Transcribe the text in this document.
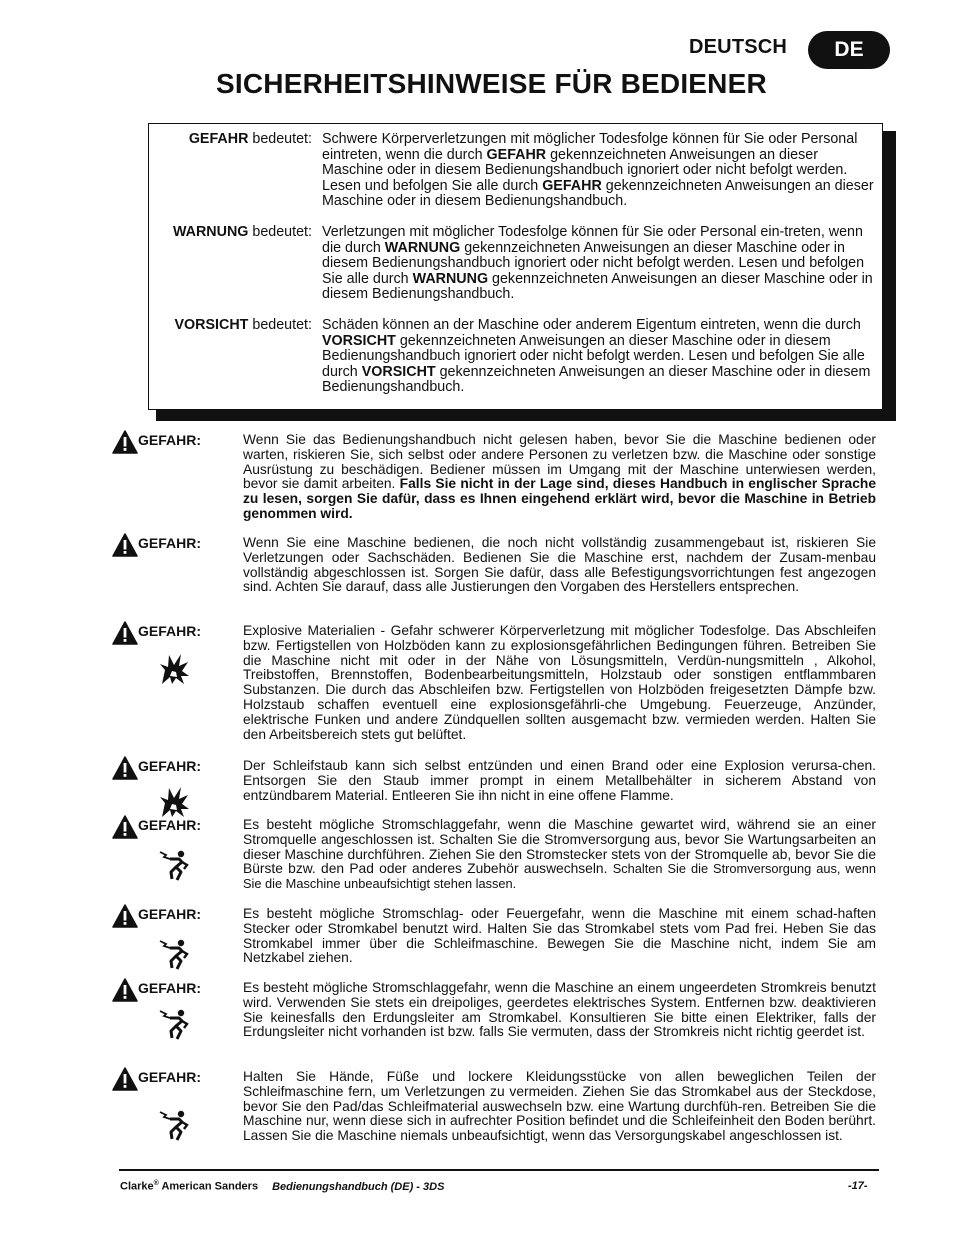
DEUTSCH	DE
SICHERHEITSHINWEISE FÜR BEDIENER
GEFAHR bedeutet: Schwere Körperverletzungen mit möglicher Todesfolge können für Sie oder Personal eintreten, wenn die durch GEFAHR gekennzeichneten Anweisungen an dieser Maschine oder in diesem Bedienungshandbuch ignoriert oder nicht befolgt werden. Lesen und befolgen Sie alle durch GEFAHR gekennzeichneten Anweisungen an dieser Maschine oder in diesem Bedienungshandbuch.
WARNUNG bedeutet: Verletzungen mit möglicher Todesfolge können für Sie oder Personal ein-treten, wenn die durch WARNUNG gekennzeichneten Anweisungen an dieser Maschine oder in diesem Bedienungshandbuch ignoriert oder nicht befolgt werden. Lesen und befolgen Sie alle durch WARNUNG gekennzeichneten Anweisungen an dieser Maschine oder in diesem Bedienungshandbuch.
VORSICHT bedeutet: Schäden können an der Maschine oder anderem Eigentum eintreten, wenn die durch VORSICHT gekennzeichneten Anweisungen an dieser Maschine oder in diesem Bedienungshandbuch ignoriert oder nicht befolgt werden. Lesen und befolgen Sie alle durch VORSICHT gekennzeichneten Anweisungen an dieser Maschine oder in diesem Bedienungshandbuch.
GEFAHR:	Wenn Sie das Bedienungshandbuch nicht gelesen haben, bevor Sie die Maschine bedienen oder warten, riskieren Sie, sich selbst oder andere Personen zu verletzen bzw. die Maschine oder sonstige Ausrüstung zu beschädigen. Bediener müssen im Umgang mit der Maschine unterwiesen werden, bevor sie damit arbeiten. Falls Sie nicht in der Lage sind, dieses Handbuch in englischer Sprache zu lesen, sorgen Sie dafür, dass es Ihnen eingehend erklärt wird, bevor die Maschine in Betrieb genommen wird.
GEFAHR:	Wenn Sie eine Maschine bedienen, die noch nicht vollständig zusammengebaut ist, riskieren Sie Verletzungen oder Sachschäden. Bedienen Sie die Maschine erst, nachdem der Zusam-menbau vollständig abgeschlossen ist. Sorgen Sie dafür, dass alle Befestigungsvorrichtungen fest angezogen sind. Achten Sie darauf, dass alle Justierungen den Vorgaben des Herstellers entsprechen.
GEFAHR:	Explosive Materialien - Gefahr schwerer Körperverletzung mit möglicher Todesfolge. Das Abschleifen bzw. Fertigstellen von Holzböden kann zu explosionsgefährlichen Bedingungen führen. Betreiben Sie die Maschine nicht mit oder in der Nähe von Lösungsmitteln, Verdün-nungsmitteln , Alkohol, Treibstoffen, Brennstoffen, Bodenbearbeitungsmitteln, Holzstaub oder sonstigen entflammbaren Substanzen. Die durch das Abschleifen bzw. Fertigstellen von Holzböden freigesetzten Dämpfe bzw. Holzstaub schaffen eventuell eine explosionsgefährli-che Umgebung. Feuerzeuge, Anzünder, elektrische Funken und andere Zündquellen sollten ausgemacht bzw. vermieden werden. Halten Sie den Arbeitsbereich stets gut belüftet.
GEFAHR:	Der Schleifstaub kann sich selbst entzünden und einen Brand oder eine Explosion verursa-chen. Entsorgen Sie den Staub immer prompt in einem Metallbehälter in sicherem Abstand von entzündbarem Material. Entleeren Sie ihn nicht in eine offene Flamme.
GEFAHR:	Es besteht mögliche Stromschlaggefahr, wenn die Maschine gewartet wird, während sie an einer Stromquelle angeschlossen ist. Schalten Sie die Stromversorgung aus, bevor Sie Wartungsarbeiten an dieser Maschine durchführen. Ziehen Sie den Stromstecker stets von der Stromquelle ab, bevor Sie die Bürste bzw. den Pad oder anderes Zubehör auswechseln. Schalten Sie die Stromversorgung aus, wenn Sie die Maschine unbeaufsichtigt stehen lassen.
GEFAHR:	Es besteht mögliche Stromschlag- oder Feuergefahr, wenn die Maschine mit einem schad-haften Stecker oder Stromkabel benutzt wird. Halten Sie das Stromkabel stets vom Pad frei. Heben Sie das Stromkabel immer über die Schleifmaschine. Bewegen Sie die Maschine nicht, indem Sie am Netzkabel ziehen.
GEFAHR:	Es besteht mögliche Stromschlaggefahr, wenn die Maschine an einem ungeerdeten Stromkreis benutzt wird. Verwenden Sie stets ein dreipoliges, geerdetes elektrisches System. Entfernen bzw. deaktivieren Sie keinesfalls den Erdungsleiter am Stromkabel. Konsultieren Sie bitte einen Elektriker, falls der Erdungsleiter nicht vorhanden ist bzw. falls Sie vermuten, dass der Stromkreis nicht richtig geerdet ist.
GEFAHR:	Halten Sie Hände, Füße und lockere Kleidungsstücke von allen beweglichen Teilen der Schleifmaschine fern, um Verletzungen zu vermeiden. Ziehen Sie das Stromkabel aus der Steckdose, bevor Sie den Pad/das Schleifmaterial auswechseln bzw. eine Wartung durchfüh-ren. Betreiben Sie die Maschine nur, wenn diese sich in aufrechter Position befindet und die Schleifeinheit den Boden berührt. Lassen Sie die Maschine niemals unbeaufsichtigt, wenn das Versorgungskabel angeschlossen ist.
Clarke® American Sanders Bedienungshandbuch (DE) - 3DS	-17-
